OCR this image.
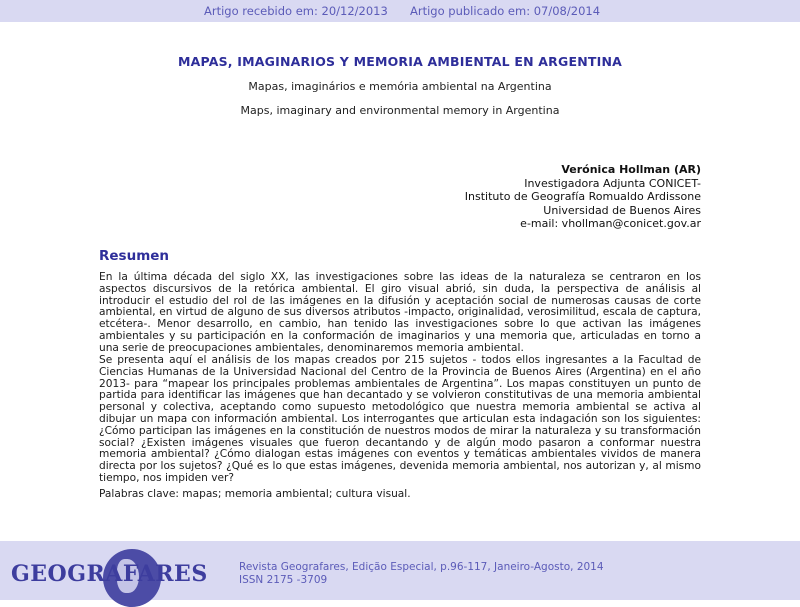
Artigo recebido em: 20/12/2013 Artigo publicado em: 07/08/2014
MAPAS, IMAGINARIOS Y MEMORIA AMBIENTAL EN ARGENTINA
Mapas, imaginários e memória ambiental na Argentina
Maps, imaginary and environmental memory in Argentina
Verónica Hollman (AR)
Investigadora Adjunta CONICET-
Instituto de Geografía Romualdo Ardissone
Universidad de Buenos Aires
e-mail: vhollman@conicet.gov.ar
Resumen

En la última década del siglo XX, las investigaciones sobre las ideas de la naturaleza se centraron en los aspectos discursivos de la retórica ambiental. El giro visual abrió, sin duda, la perspectiva de análisis al introducir el estudio del rol de las imágenes en la difusión y aceptación social de numerosas causas de corte ambiental, en virtud de alguno de sus diversos atributos -impacto, originalidad, verosimilitud, escala de captura, etcétera-. Menor desarrollo, en cambio, han tenido las investigaciones sobre lo que activan las imágenes ambientales y su participación en la conformación de imaginarios y una memoria que, articuladas en torno a una serie de preocupaciones ambientales, denominaremos memoria ambiental.

Se presenta aquí el análisis de los mapas creados por 215 sujetos - todos ellos ingresantes a la Facultad de Ciencias Humanas de la Universidad Nacional del Centro de la Provincia de Buenos Aires (Argentina) en el año 2013- para “mapear los principales problemas ambientales de Argentina”. Los mapas constituyen un punto de partida para identificar las imágenes que han decantado y se volvieron constitutivas de una memoria ambiental personal y colectiva, aceptando como supuesto metodológico que nuestra memoria ambiental se activa al dibujar un mapa con información ambiental. Los interrogantes que articulan esta indagación son los siguientes: ¿Cómo participan las imágenes en la constitución de nuestros modos de mirar la naturaleza y su transformación social? ¿Existen imágenes visuales que fueron decantando y de algún modo pasaron a conformar nuestra memoria ambiental? ¿Cómo dialogan estas imágenes con eventos y temáticas ambientales vividos de manera directa por los sujetos? ¿Qué es lo que estas imágenes, devenida memoria ambiental, nos autorizan y, al mismo tiempo, nos impiden ver?

Palabras clave: mapas; memoria ambiental; cultura visual.

GEOGRAFARES	Revista Geografares, Edição Especial, p.96-117, Janeiro-Agosto, 2014
ISSN 2175 -3709
